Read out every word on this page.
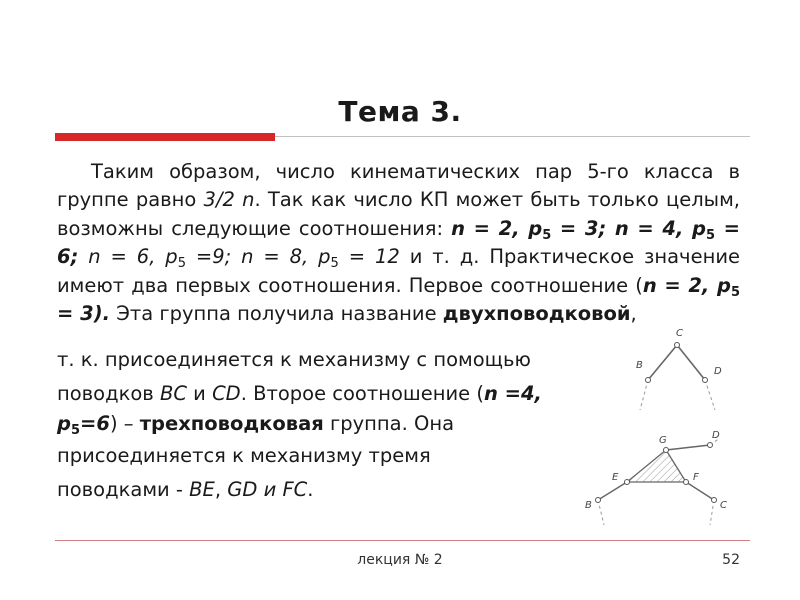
Тема 3.
Таким образом, число кинематических пар 5-го класса в группе равно 3/2 n. Так как число КП может быть только целым, возможны следующие соотношения: n = 2, $p_5 = 3$; n = 4, $p_5 = 6$; n = 6, $p_5 =9$; n = 8, $p_5 = 12$ и т. д. Практическое значение имеют два первых соотношения. Первое соотношение (n = 2, $p_5 = 3$). Эта группа получила название двухповодковой,
т. к. присоединяется к механизму с помощью
поводков BC и CD. Второе соотношение (n =4,
$p_5=6$) – трехповодковая группа. Она
присоединяется к механизму тремя
поводками - BE, GD и FC.
C
B
D
G	D
E	F
B	C
лекция № 2	52
